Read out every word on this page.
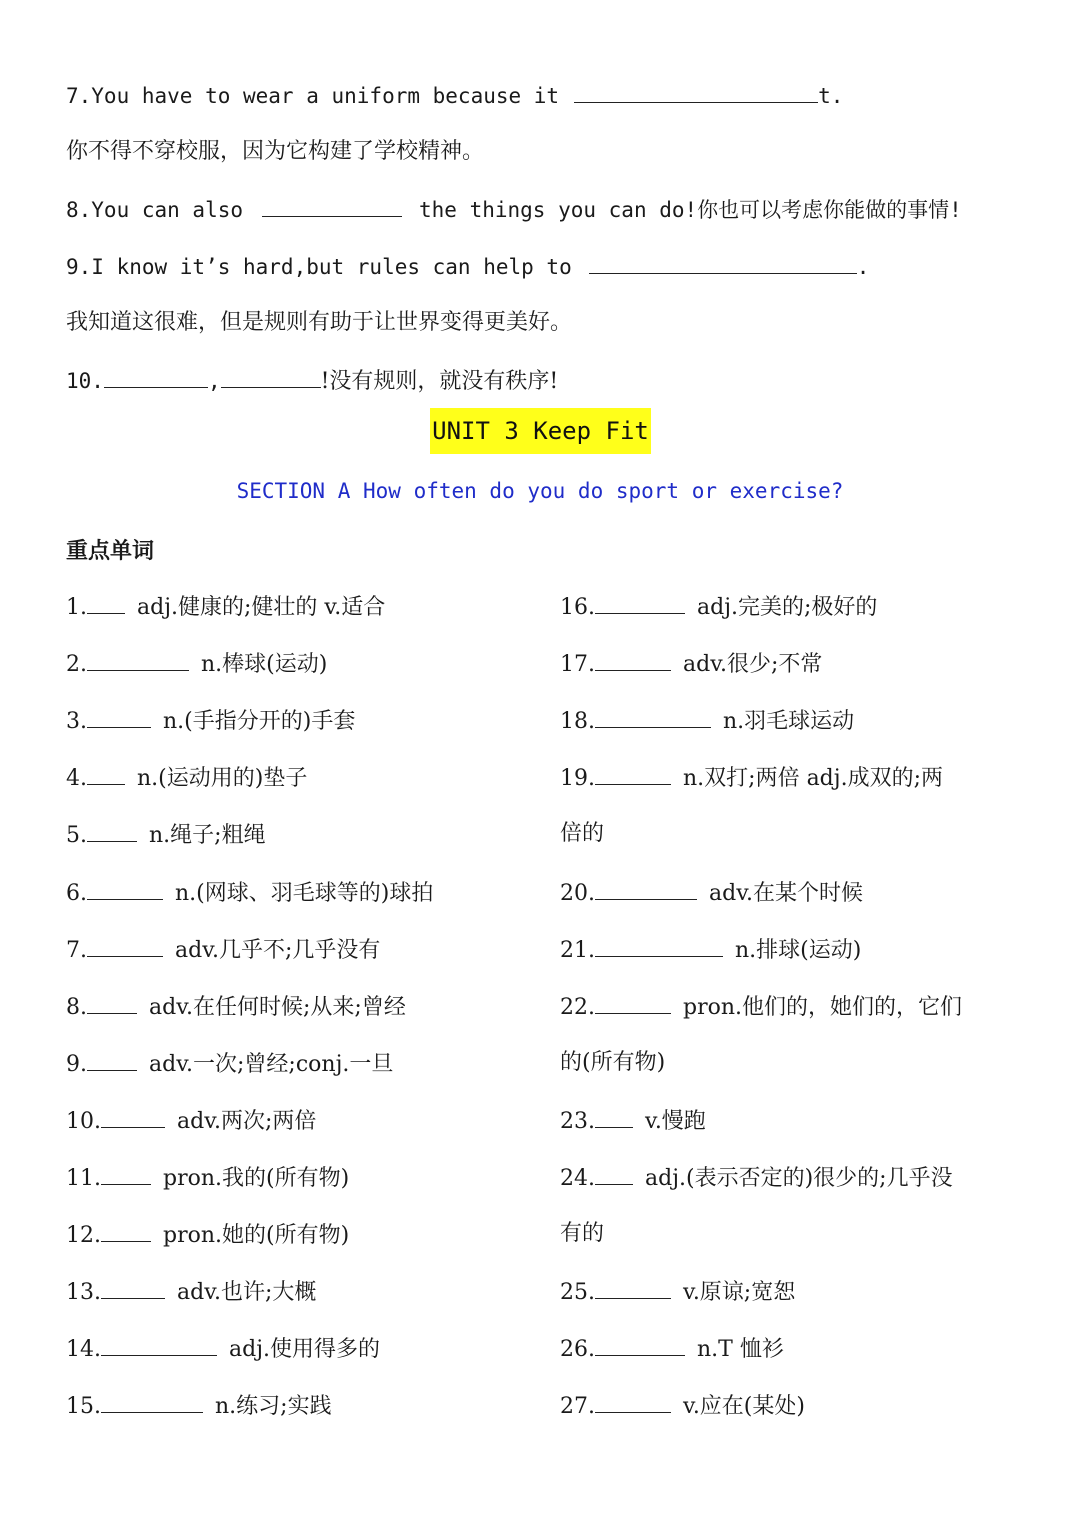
7.You have to wear a uniform because it	t.
你不得不穿校服，因为它构建了学校精神。
8.You can also	the things you can do!你也可以考虑你能做的事情!
9.I know it’s hard,but rules can help to	.
我知道这很难，但是规则有助于让世界变得更美好。
10.	,	!没有规则，就没有秩序!
UNIT 3 Keep Fit
SECTION A How often do you do sport or exercise?
重点单词
1. adj.健康的;健壮的 v.适合
2.	n.棒球(运动)
3.	n.(手指分开的)手套
4. n.(运动用的)垫子
5.	n.绳子;粗绳
6.	n.(网球、羽毛球等的)球拍
7.	adv.几乎不;几乎没有
8.	adv.在任何时候;从来;曾经
9.	adv.一次;曾经;conj.一旦
10.	adv.两次;两倍
11.	pron.我的(所有物)
12.	pron.她的(所有物)
13.	adv.也许;大概
14.	adj.使用得多的
15.	n.练习;实践
16.	adj.完美的;极好的
17.	adv.很少;不常
18.	n.羽毛球运动
19.	n.双打;两倍 adj.成双的;两
倍的
20.	adv.在某个时候
21.	n.排球(运动)
22.	pron.他们的，她们的，它们
的(所有物)
23. v.慢跑
24. adj.(表示否定的)很少的;几乎没
有的
25.	v.原谅;宽恕
26.	n.T 恤衫
27.	v.应在(某处)
